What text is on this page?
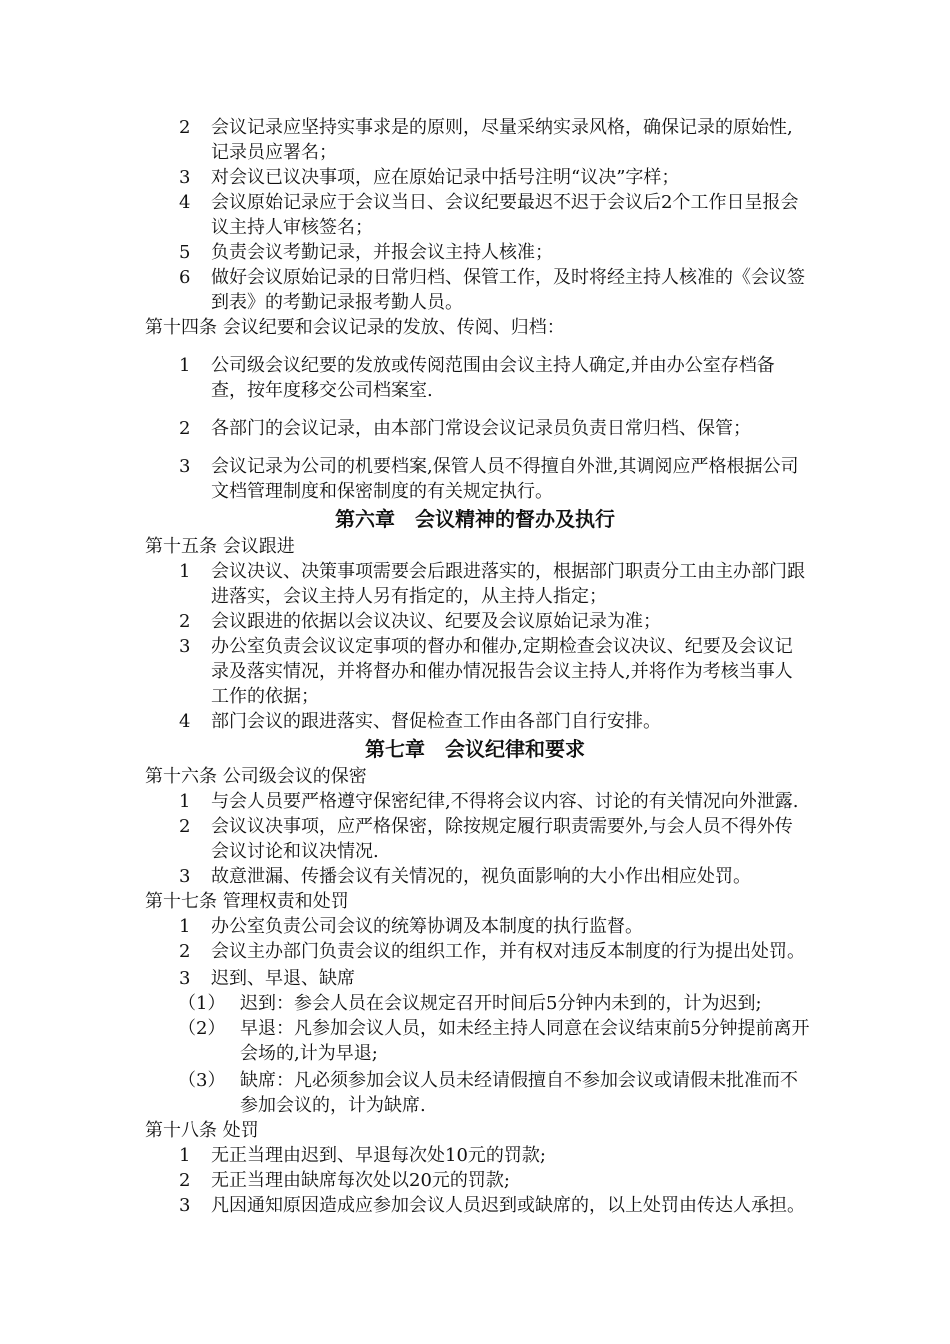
2	会议记录应坚持实事求是的原则，尽量采纳实录风格，确保记录的原始性,记录员应署名；
3	对会议已议决事项，应在原始记录中括号注明“议决”字样；
4	会议原始记录应于会议当日、会议纪要最迟不迟于会议后2个工作日呈报会议主持人审核签名；
5	负责会议考勤记录，并报会议主持人核准；
6	做好会议原始记录的日常归档、保管工作，及时将经主持人核准的《会议签到表》的考勤记录报考勤人员。
第十四条 会议纪要和会议记录的发放、传阅、归档：
1	公司级会议纪要的发放或传阅范围由会议主持人确定,并由办公室存档备查，按年度移交公司档案室.
2	各部门的会议记录，由本部门常设会议记录员负责日常归档、保管；
3	会议记录为公司的机要档案,保管人员不得擅自外泄,其调阅应严格根据公司文档管理制度和保密制度的有关规定执行。
第六章　会议精神的督办及执行
第十五条 会议跟进
1	会议决议、决策事项需要会后跟进落实的，根据部门职责分工由主办部门跟进落实，会议主持人另有指定的，从主持人指定；
2	会议跟进的依据以会议决议、纪要及会议原始记录为准；
3	办公室负责会议议定事项的督办和催办,定期检查会议决议、纪要及会议记录及落实情况，并将督办和催办情况报告会议主持人,并将作为考核当事人工作的依据；
4	部门会议的跟进落实、督促检查工作由各部门自行安排。
第七章　会议纪律和要求
第十六条 公司级会议的保密
1	与会人员要严格遵守保密纪律,不得将会议内容、讨论的有关情况向外泄露.
2	会议议决事项，应严格保密，除按规定履行职责需要外,与会人员不得外传会议讨论和议决情况.
3	故意泄漏、传播会议有关情况的，视负面影响的大小作出相应处罚。
第十七条 管理权责和处罚
1	办公室负责公司会议的统筹协调及本制度的执行监督。
2	会议主办部门负责会议的组织工作，并有权对违反本制度的行为提出处罚。
3	迟到、早退、缺席
（1） 迟到：参会人员在会议规定召开时间后5分钟内未到的，计为迟到;
（2） 早退：凡参加会议人员，如未经主持人同意在会议结束前5分钟提前离开会场的,计为早退;
（3） 缺席：凡必须参加会议人员未经请假擅自不参加会议或请假未批准而不参加会议的，计为缺席.
第十八条 处罚
1	无正当理由迟到、早退每次处10元的罚款;
2	无正当理由缺席每次处以20元的罚款;
3	凡因通知原因造成应参加会议人员迟到或缺席的，以上处罚由传达人承担。
